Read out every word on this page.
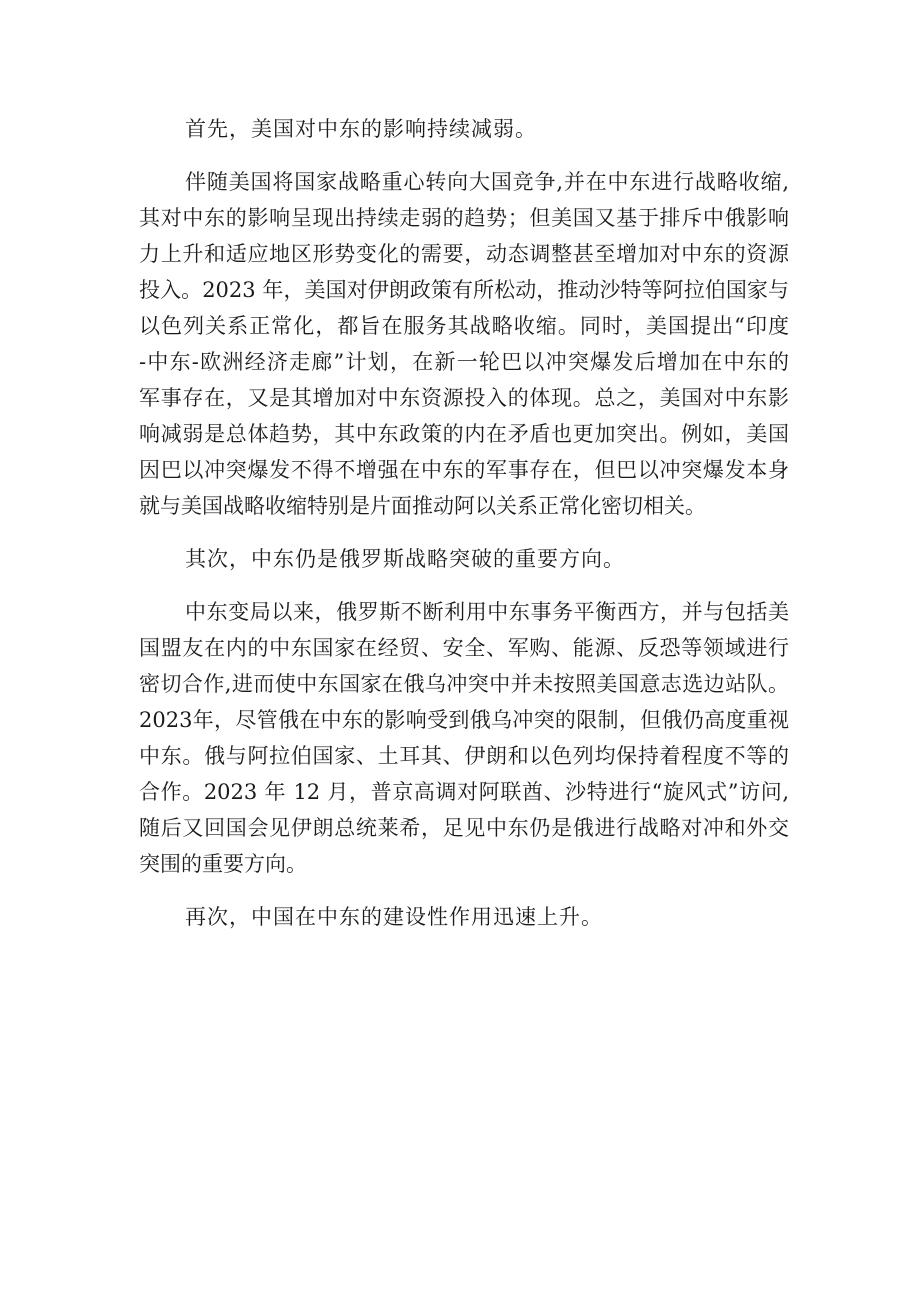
首先，美国对中东的影响持续减弱。
伴随美国将国家战略重心转向大国竞争,并在中东进行战略收缩,
其对中东的影响呈现出持续走弱的趋势；但美国又基于排斥中俄影响
力上升和适应地区形势变化的需要，动态调整甚至增加对中东的资源
投入。2023 年，美国对伊朗政策有所松动，推动沙特等阿拉伯国家与
以色列关系正常化，都旨在服务其战略收缩。同时，美国提出“印度
-中东-欧洲经济走廊”计划，在新一轮巴以冲突爆发后增加在中东的
军事存在，又是其增加对中东资源投入的体现。总之，美国对中东影
响减弱是总体趋势，其中东政策的内在矛盾也更加突出。例如，美国
因巴以冲突爆发不得不增强在中东的军事存在，但巴以冲突爆发本身
就与美国战略收缩特别是片面推动阿以关系正常化密切相关。
其次，中东仍是俄罗斯战略突破的重要方向。
中东变局以来，俄罗斯不断利用中东事务平衡西方，并与包括美
国盟友在内的中东国家在经贸、安全、军购、能源、反恐等领域进行
密切合作,进而使中东国家在俄乌冲突中并未按照美国意志选边站队。
2023年，尽管俄在中东的影响受到俄乌冲突的限制，但俄仍高度重视
中东。俄与阿拉伯国家、土耳其、伊朗和以色列均保持着程度不等的
合作。2023 年 12 月，普京高调对阿联酋、沙特进行“旋风式”访问,
随后又回国会见伊朗总统莱希，足见中东仍是俄进行战略对冲和外交
突围的重要方向。
再次，中国在中东的建设性作用迅速上升。
